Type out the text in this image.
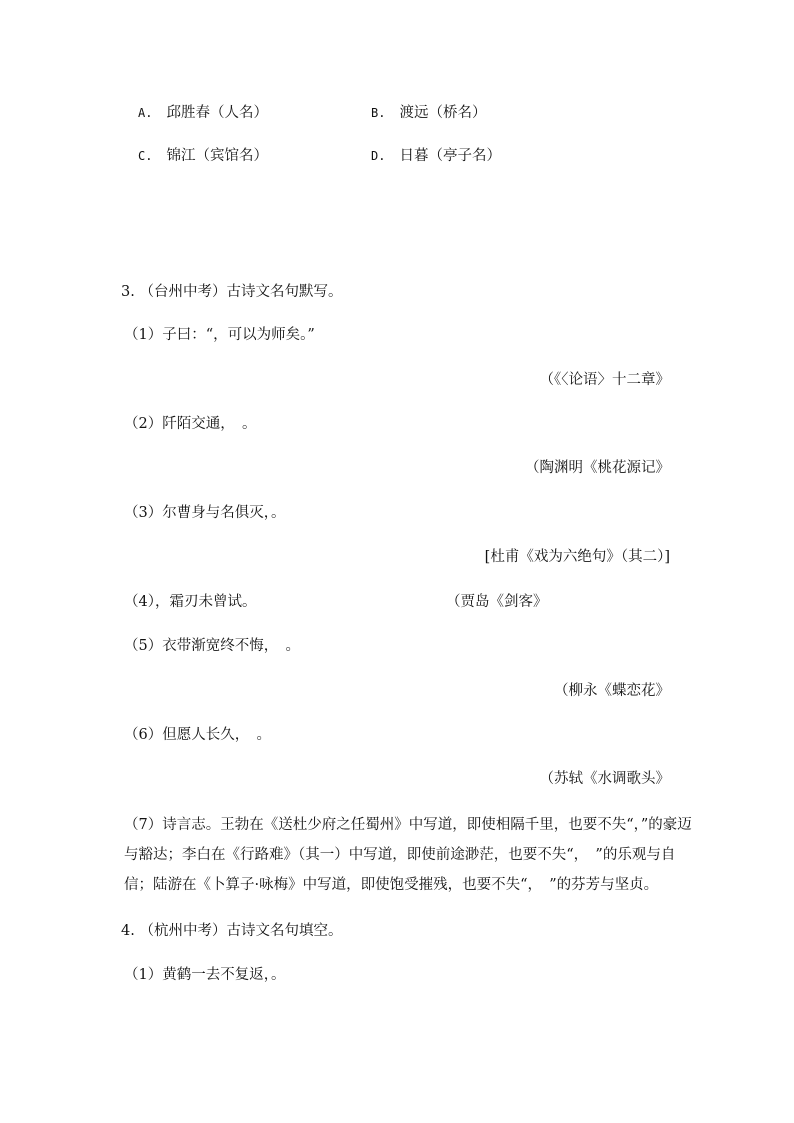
A. 邱胜春（人名）	B. 渡远（桥名）
C. 锦江（宾馆名）	D. 日暮（亭子名）
3. （台州中考）古诗文名句默写。
（1）子曰：“，可以为师矣。”
（《〈论语〉十二章》
（2）阡陌交通，　。
（陶渊明《桃花源记》
（3）尔曹身与名俱灭，。
[杜甫《戏为六绝句》（其二）]
（4），霜刃未曾试。	（贾岛《剑客》
（5）衣带渐宽终不悔，　。
（柳永《蝶恋花》
（6）但愿人长久，　。
（苏轼《水调歌头》
（7）诗言志。王勃在《送杜少府之任蜀州》中写道，即使相隔千里，也要不失“，”的豪迈
与豁达；李白在《行路难》（其一）中写道，即使前途渺茫，也要不失“，　”的乐观与自
信；陆游在《卜算子·咏梅》中写道，即使饱受摧残，也要不失“，　”的芬芳与坚贞。
4. （杭州中考）古诗文名句填空。
（1）黄鹤一去不复返，。
